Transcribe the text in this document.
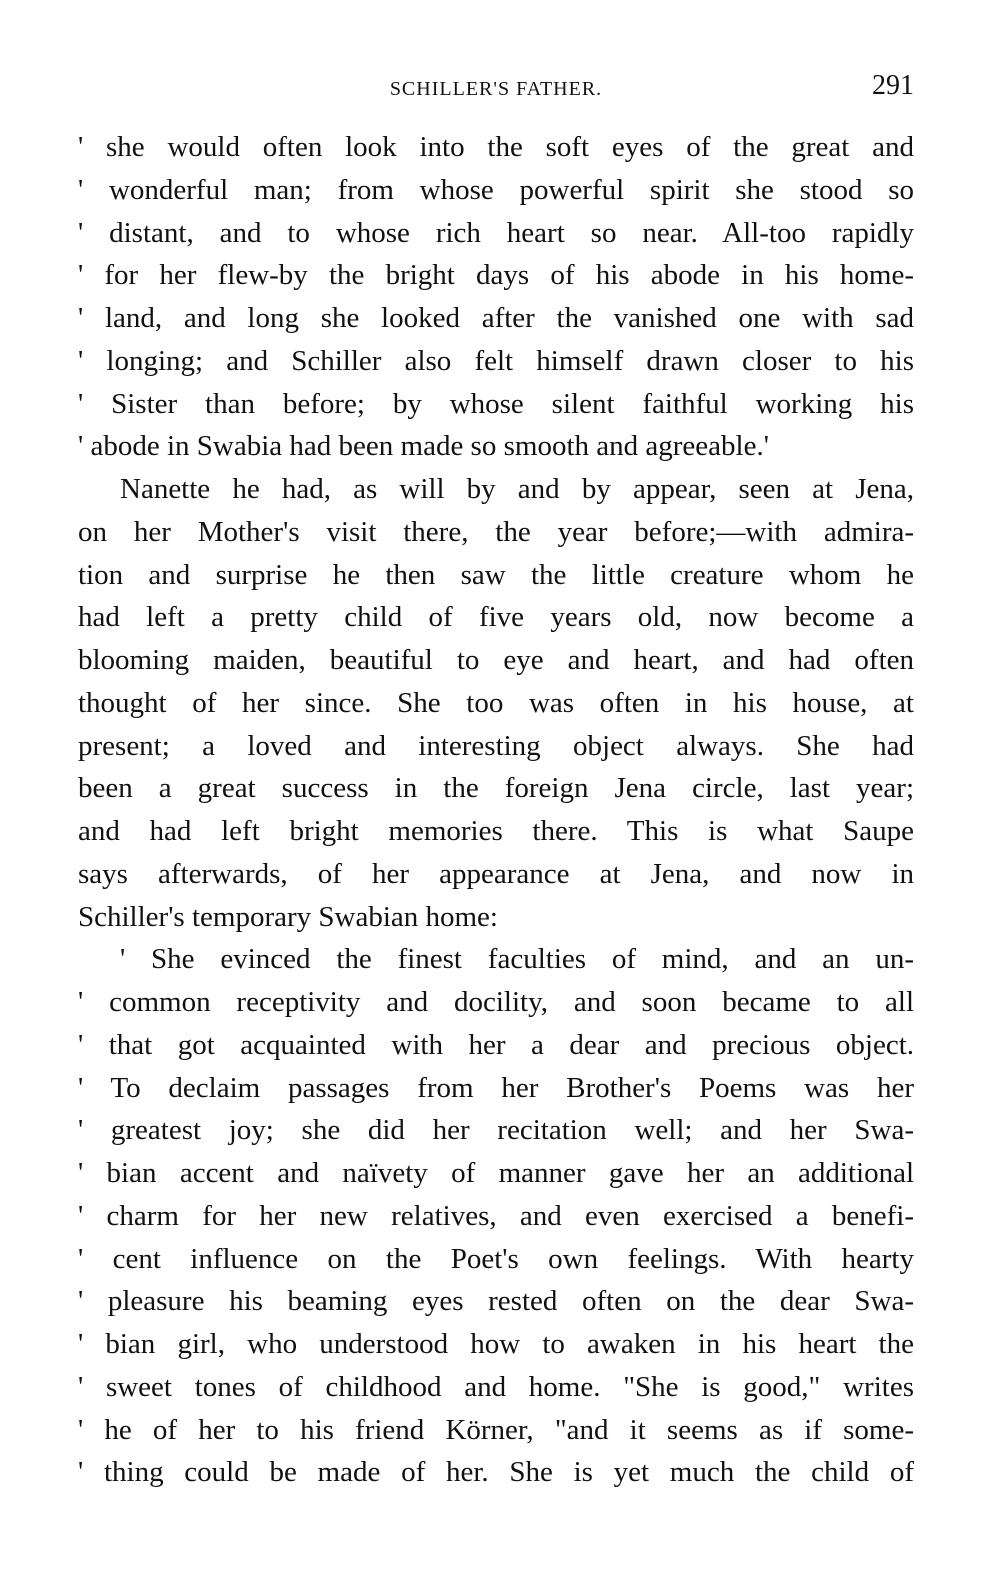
SCHILLER'S FATHER.	291
' she would often look into the soft eyes of the great and
' wonderful man; from whose powerful spirit she stood so
' distant, and to whose rich heart so near. All-too rapidly
' for her flew-by the bright days of his abode in his home-
' land, and long she looked after the vanished one with sad
' longing; and Schiller also felt himself drawn closer to his
' Sister than before; by whose silent faithful working his
' abode in Swabia had been made so smooth and agreeable.'
Nanette he had, as will by and by appear, seen at Jena,
on her Mother's visit there, the year before;—with admira-
tion and surprise he then saw the little creature whom he
had left a pretty child of five years old, now become a
blooming maiden, beautiful to eye and heart, and had often
thought of her since. She too was often in his house, at
present; a loved and interesting object always. She had
been a great success in the foreign Jena circle, last year;
and had left bright memories there. This is what Saupe
says afterwards, of her appearance at Jena, and now in
Schiller's temporary Swabian home:
' She evinced the finest faculties of mind, and an un-
' common receptivity and docility, and soon became to all
' that got acquainted with her a dear and precious object.
' To declaim passages from her Brother's Poems was her
' greatest joy; she did her recitation well; and her Swa-
' bian accent and naïvety of manner gave her an additional
' charm for her new relatives, and even exercised a benefi-
' cent influence on the Poet's own feelings. With hearty
' pleasure his beaming eyes rested often on the dear Swa-
' bian girl, who understood how to awaken in his heart the
' sweet tones of childhood and home. "She is good," writes
' he of her to his friend Körner, "and it seems as if some-
' thing could be made of her. She is yet much the child of
